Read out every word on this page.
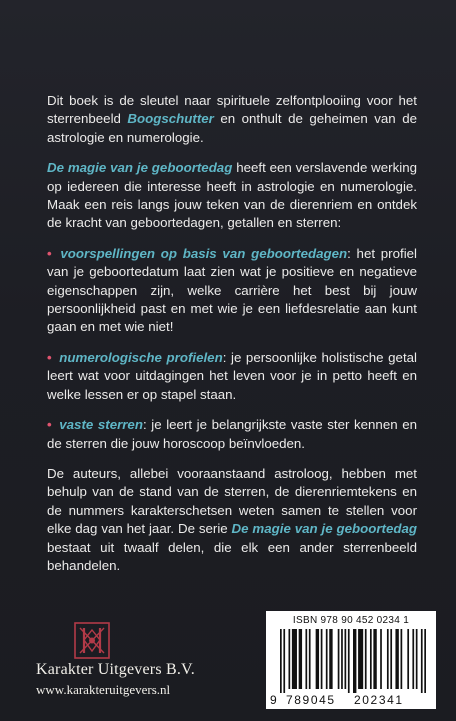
Dit boek is de sleutel naar spirituele zelfontplooiing voor het sterrenbeeld Boogschutter en onthult de geheimen van de astrologie en numerologie.

De magie van je geboortedag heeft een verslavende werking op iedereen die interesse heeft in astrologie en numerologie. Maak een reis langs jouw teken van de dierenriem en ontdek de kracht van geboortedagen, getallen en sterren:

• voorspellingen op basis van geboortedagen: het profiel van je geboortedatum laat zien wat je positieve en negatieve eigenschappen zijn, welke carrière het best bij jouw persoonlijkheid past en met wie je een liefdesrelatie aan kunt gaan en met wie niet!

• numerologische profielen: je persoonlijke holistische getal leert wat voor uitdagingen het leven voor je in petto heeft en welke lessen er op stapel staan.

• vaste sterren: je leert je belangrijkste vaste ster kennen en de sterren die jouw horoscoop beïnvloeden.

De auteurs, allebei vooraanstaand astroloog, hebben met behulp van de stand van de sterren, de dierenriemtekens en de nummers karakterschetsen weten samen te stellen voor elke dag van het jaar. De serie De magie van je geboortedag bestaat uit twaalf delen, die elk een ander sterrenbeeld behandelen.

Karakter Uitgevers B.V.
www.karakteruitgevers.nl
ISBN 978 90 452 0234 1
9 789045 202341
